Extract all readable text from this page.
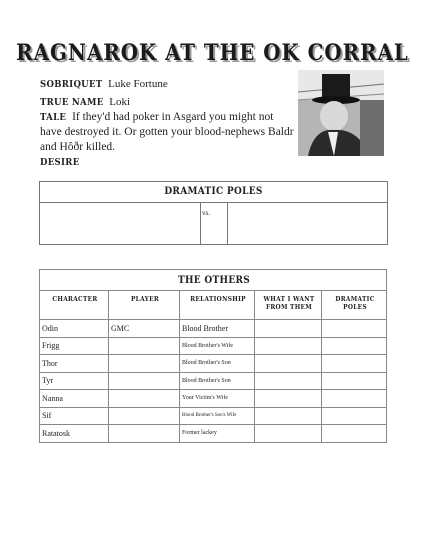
RAGNAROK AT THE OK CORRAL
SOBRIQUET Luke Fortune
TRUE NAME Loki
TALE If they'd had poker in Asgard you might not have destroyed it. Or gotten your blood-nephews Baldr and Hôðr killed.
DESIRE
DRAMATIC POLES
vs.
THE OTHERS				
CHARACTER	PLAYER	RELATIONSHIP	WHAT I WANT FROM THEM	DRAMATIC POLES
Odin	GMC	Blood Brother		
Frigg		Blood Brother's Wife		
Thor		Blood Brother's Son		
Tyr		Blood Brother's Son		
Nanna		Your Victim's Wife		
Sif		Blood Brother's Son's Wife		
Ratatosk		Former lackey		
